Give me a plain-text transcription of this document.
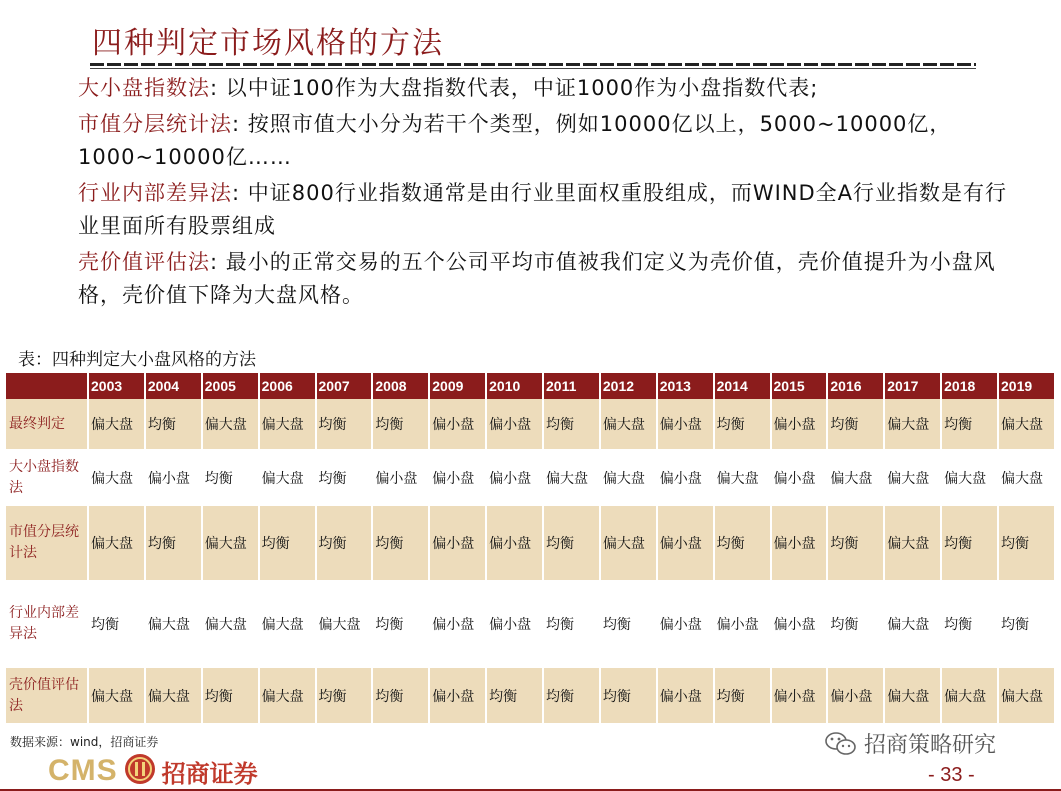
四种判定市场风格的方法

大小盘指数法: 以中证100作为大盘指数代表，中证1000作为小盘指数代表;

市值分层统计法: 按照市值大小分为若干个类型，例如10000亿以上，5000~10000亿，1000~10000亿……

行业内部差异法: 中证800行业指数通常是由行业里面权重股组成，而WIND全A行业指数是有行业里面所有股票组成

壳价值评估法: 最小的正常交易的五个公司平均市值被我们定义为壳价值，壳价值提升为小盘风格，壳价值下降为大盘风格。

表：四种判定大小盘风格的方法
	2003	2004	2005	2006	2007	2008	2009	2010	2011	2012	2013	2014	2015	2016	2017	2018	2019
最终判定	偏大盘	均衡	偏大盘	偏大盘	均衡	均衡	偏小盘	偏小盘	均衡	偏大盘	偏小盘	均衡	偏小盘	均衡	偏大盘	均衡	偏大盘
大小盘指数法	偏大盘	偏小盘	均衡	偏大盘	均衡	偏小盘	偏小盘	偏小盘	偏大盘	偏大盘	偏小盘	偏大盘	偏小盘	偏大盘	偏大盘	偏大盘	偏大盘
市值分层统计法	偏大盘	均衡	偏大盘	均衡	均衡	均衡	偏小盘	偏小盘	均衡	偏大盘	偏小盘	均衡	偏小盘	均衡	偏大盘	均衡	均衡
行业内部差异法	均衡	偏大盘	偏大盘	偏大盘	偏大盘	均衡	偏小盘	偏小盘	均衡	均衡	偏小盘	偏小盘	偏小盘	均衡	偏大盘	均衡	均衡
壳价值评估法	偏大盘	偏大盘	均衡	偏大盘	均衡	均衡	偏小盘	均衡	均衡	均衡	偏小盘	均衡	偏小盘	偏小盘	偏大盘	偏大盘	偏大盘
数据来源：wind，招商证券	招商策略研究
CMS 招商证券	- 33 -
